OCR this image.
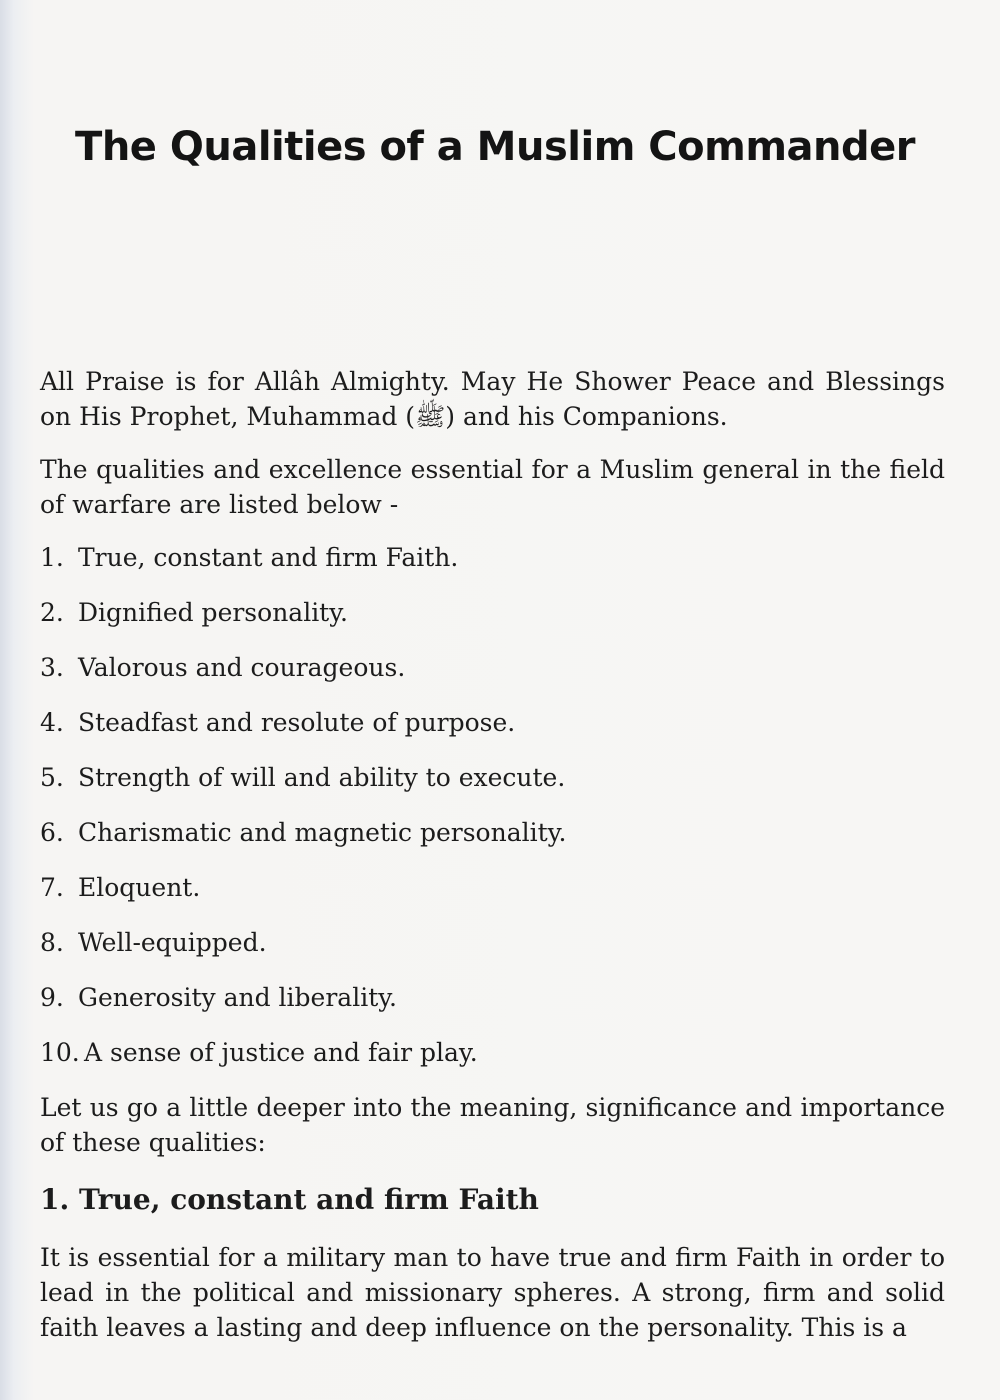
The Qualities of a Muslim Commander

All Praise is for Allâh Almighty. May He Shower Peace and Blessings on His Prophet, Muhammad (ﷺ) and his Companions.

The qualities and excellence essential for a Muslim general in the field of warfare are listed below -

1. True, constant and firm Faith.
2. Dignified personality.
3. Valorous and courageous.
4. Steadfast and resolute of purpose.
5. Strength of will and ability to execute.
6. Charismatic and magnetic personality.
7. Eloquent.
8. Well-equipped.
9. Generosity and liberality.
10. A sense of justice and fair play.

Let us go a little deeper into the meaning, significance and importance of these qualities:

1. True, constant and firm Faith

It is essential for a military man to have true and firm Faith in order to lead in the political and missionary spheres. A strong, firm and solid faith leaves a lasting and deep influence on the personality. This is a
